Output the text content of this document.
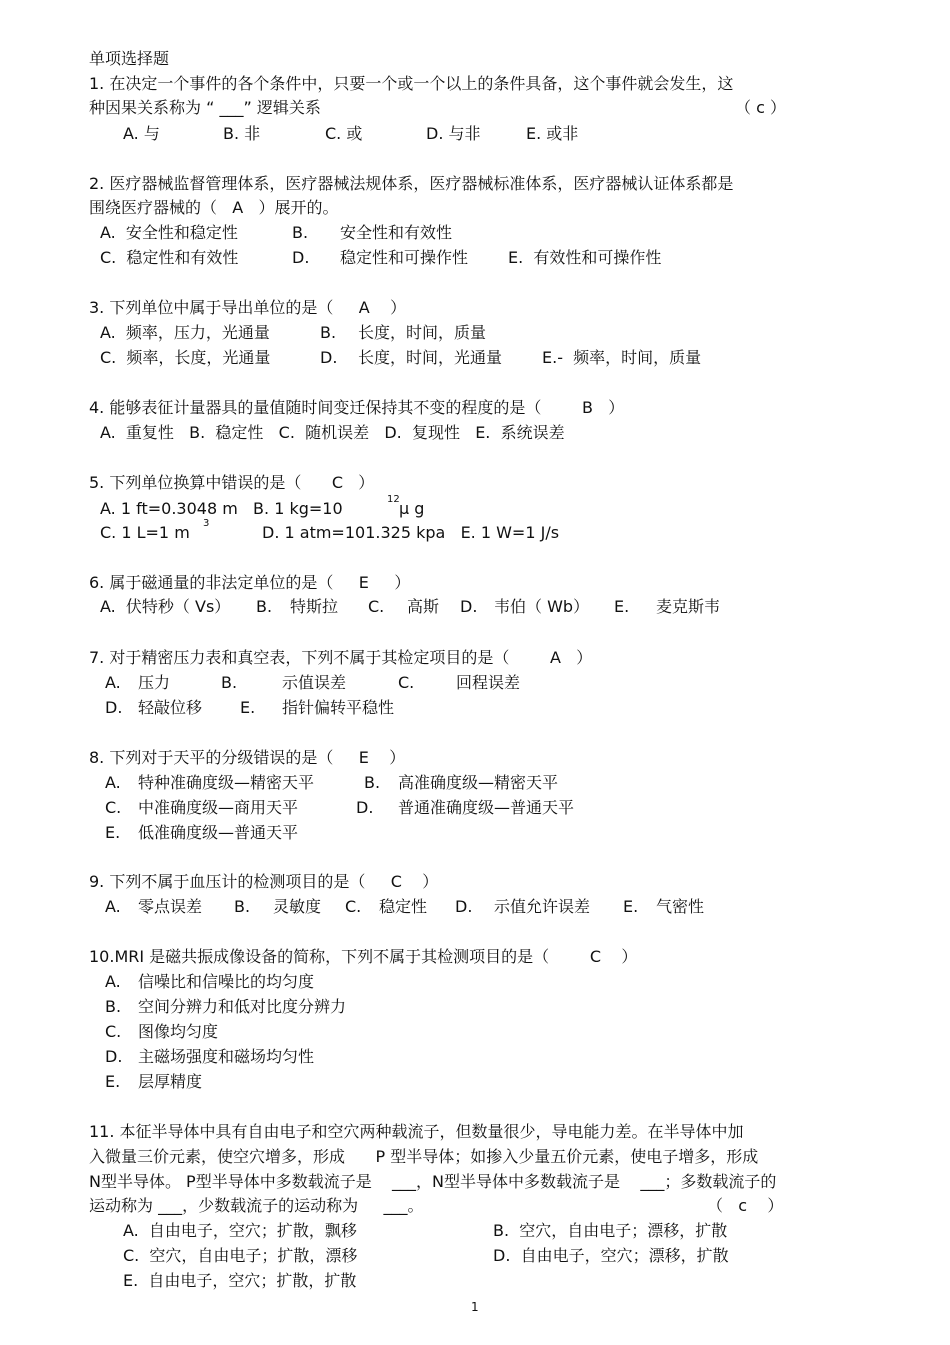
单项选择题
1. 在决定一个事件的各个条件中，只要一个或一个以上的条件具备，这个事件就会发生，这
种因果关系称为 “ ___” 逻辑关系	（ c ）
A. 与	B. 非	C. 或	D. 与非	E. 或非
2. 医疗器械监督管理体系，医疗器械法规体系，医疗器械标准体系，医疗器械认证体系都是
围绕医疗器械的（   A   ）展开的。
A.  安全性和稳定性	B. 安全性和有效性
C.  稳定性和有效性	D. 稳定性和可操作性 E.  有效性和可操作性
3. 下列单位中属于导出单位的是（     A    ）
A.  频率，压力，光通量	B. 长度，时间，质量
C.  频率，长度，光通量	D. 长度，时间，光通量 E.-  频率，时间，质量
4. 能够表征计量器具的量值随时间变迁保持其不变的程度的是（        B   ）
A.  重复性   B.  稳定性   C.  随机误差   D.  复现性   E.  系统误差
5. 下列单位换算中错误的是（      C   ）
A. 1 ft=0.3048 m   B. 1 kg=10	12 μ g
C. 1 L=1 m 3	D. 1 atm=101.325 kpa   E. 1 W=1 J/s
6. 属于磁通量的非法定单位的是（     E     ）
A.  伏特秒（ Vs） B. 特斯拉 C. 高斯 D. 韦伯（ Wb） E. 麦克斯韦
7. 对于精密压力表和真空表，下列不属于其检定项目的是（        A   ）
A. 压力	B.	示值误差	C.	回程误差
D. 轻敲位移 E. 指针偏转平稳性
8. 下列对于天平的分级错误的是（     E    ）
A. 特种准确度级—精密天平	B. 高准确度级—精密天平
C. 中准确度级—商用天平	D. 普通准确度级—普通天平
E. 低准确度级—普通天平
9. 下列不属于血压计的检测项目的是（     C    ）
A. 零点误差 B. 灵敏度 C. 稳定性 D. 示值允许误差 E. 气密性
10.MRI 是磁共振成像设备的简称，下列不属于其检测项目的是（        C    ）
A. 信噪比和信噪比的均匀度
B. 空间分辨力和低对比度分辨力
C. 图像均匀度
D. 主磁场强度和磁场均匀性
E. 层厚精度
11. 本征半导体中具有自由电子和空穴两种载流子，但数量很少，导电能力差。在半导体中加
入微量三价元素，使空穴增多，形成      P 型半导体；如掺入少量五价元素，使电子增多，形成
N型半导体。 P型半导体中多数载流子是    ___，N型半导体中多数载流子是    ___；多数载流子的
运动称为 ___，少数载流子的运动称为     ___。	（   c    ）
A.  自由电子，空穴；扩散，飘移	B.  空穴，自由电子；漂移，扩散
C.  空穴，自由电子；扩散，漂移	D.  自由电子，空穴；漂移，扩散
E.  自由电子，空穴；扩散，扩散
1
